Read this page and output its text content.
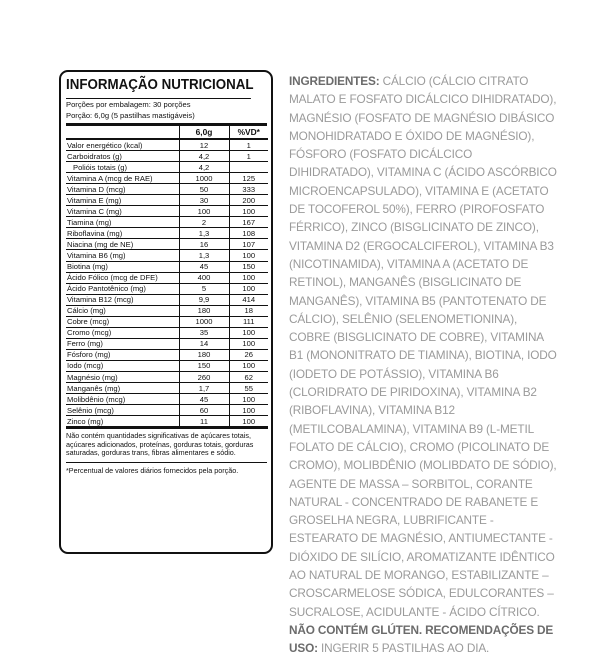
INFORMAÇÃO NUTRICIONAL
Porções por embalagem: 30 porções
Porção: 6,0g (5 pastilhas mastigáveis)
	6,0g	%VD*
Valor energético (kcal)	12	1
Carboidratos (g)	4,2	1
Polióis totais (g)	4,2	
Vitamina A (mcg de RAE)	1000	125
Vitamina D (mcg)	50	333
Vitamina E (mg)	30	200
Vitamina C (mg)	100	100
Tiamina (mg)	2	167
Riboflavina (mg)	1,3	108
Niacina (mg de NE)	16	107
Vitamina B6 (mg)	1,3	100
Biotina (mg)	45	150
Ácido Fólico (mcg de DFE)	400	100
Ácido Pantotênico (mg)	5	100
Vitamina B12 (mcg)	9,9	414
Cálcio (mg)	180	18
Cobre (mcg)	1000	111
Cromo (mcg)	35	100
Ferro (mg)	14	100
Fósforo (mg)	180	26
Iodo (mcg)	150	100
Magnésio (mg)	260	62
Manganês (mg)	1,7	55
Molibdênio (mcg)	45	100
Selênio (mcg)	60	100
Zinco (mg)	11	100
Não contém quantidades significativas de açúcares totais, açúcares adicionados, proteínas, gorduras totais, gorduras saturadas, gorduras trans, fibras alimentares e sódio.
*Percentual de valores diários fornecidos pela porção.
INGREDIENTES: CÁLCIO (CÁLCIO CITRATO MALATO E FOSFATO DICÁLCICO DIHIDRATADO), MAGNÉSIO (FOSFATO DE MAGNÉSIO DIBÁSICO MONOHIDRATADO E ÓXIDO DE MAGNÉSIO), FÓSFORO (FOSFATO DICÁLCICO DIHIDRATADO), VITAMINA C (ÁCIDO ASCÓRBICO MICROENCAPSULADO), VITAMINA E (ACETATO DE TOCOFEROL 50%), FERRO (PIROFOSFATO FÉRRICO), ZINCO (BISGLICINATO DE ZINCO), VITAMINA D2 (ERGOCALCIFEROL), VITAMINA B3 (NICOTINAMIDA), VITAMINA A (ACETATO DE RETINOL), MANGANÊS (BISGLICINATO DE MANGANÊS), VITAMINA B5 (PANTOTENATO DE CÁLCIO), SELÊNIO (SELENOMETIONINA), COBRE (BISGLICINATO DE COBRE), VITAMINA B1 (MONONITRATO DE TIAMINA), BIOTINA, IODO (IODETO DE POTÁSSIO), VITAMINA B6 (CLORIDRATO DE PIRIDOXINA), VITAMINA B2 (RIBOFLAVINA), VITAMINA B12 (METILCOBALAMINA), VITAMINA B9 (L-METIL FOLATO DE CÁLCIO), CROMO (PICOLINATO DE CROMO), MOLIBDÊNIO (MOLIBDATO DE SÓDIO), AGENTE DE MASSA – SORBITOL, CORANTE NATURAL - CONCENTRADO DE RABANETE E GROSELHA NEGRA, LUBRIFICANTE - ESTEARATO DE MAGNÉSIO, ANTIUMECTANTE - DIÓXIDO DE SILÍCIO, AROMATIZANTE IDÊNTICO AO NATURAL DE MORANGO, ESTABILIZANTE – CROSCARMELOSE SÓDICA, EDULCORANTES – SUCRALOSE, ACIDULANTE - ÁCIDO CÍTRICO. NÃO CONTÉM GLÚTEN. RECOMENDAÇÕES DE USO: INGERIR 5 PASTILHAS AO DIA.
